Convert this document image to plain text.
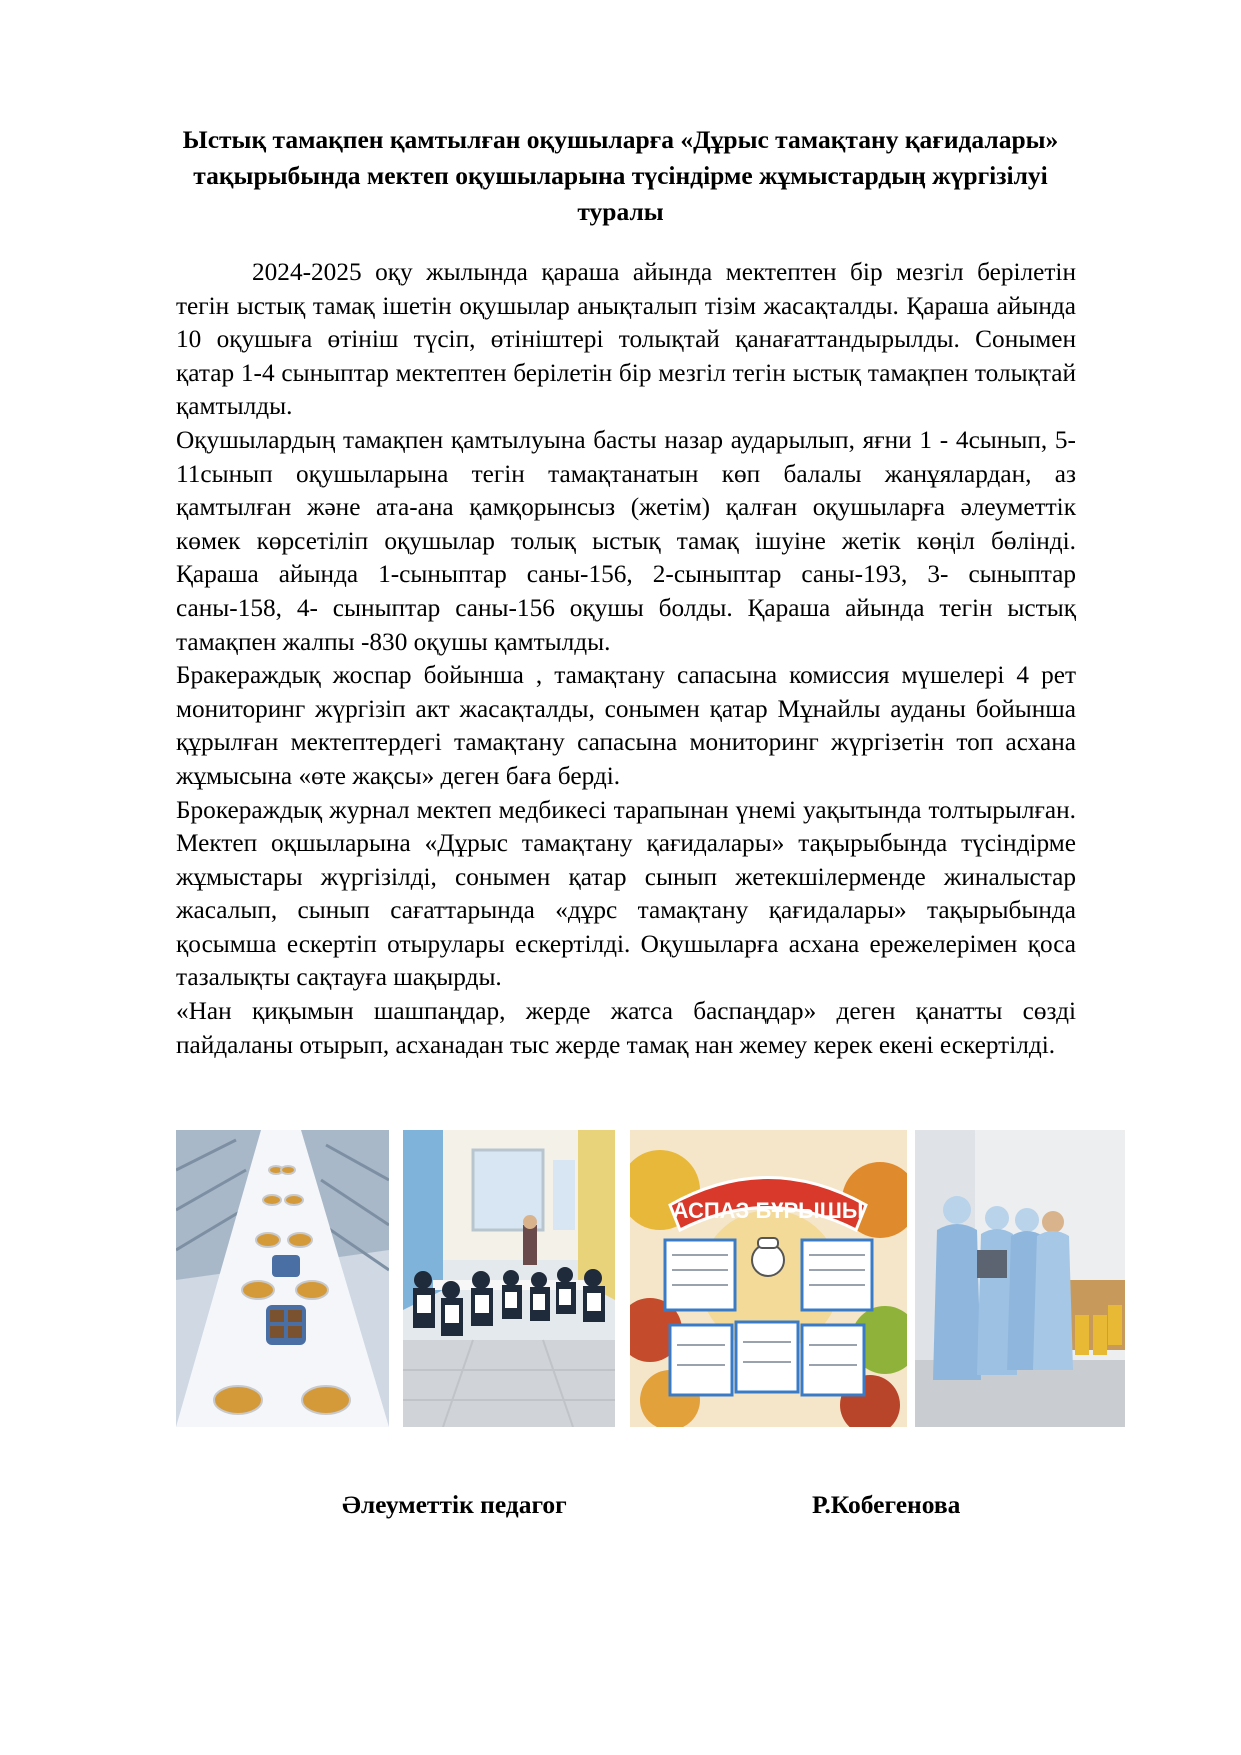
Ыстық тамақпен қамтылған оқушыларға «Дұрыс тамақтану қағидалары» тақырыбында мектеп оқушыларына түсіндірме жұмыстардың жүргізілуі туралы

2024-2025 оқу жылында қараша айында мектептен бір мезгіл берілетін тегін ыстық тамақ ішетін оқушылар анықталып тізім жасақталды. Қараша айында 10 оқушыға өтініш түсіп, өтініштері толықтай қанағаттандырылды. Сонымен қатар 1-4 сыныптар мектептен берілетін бір мезгіл тегін ыстық тамақпен толықтай қамтылды.

Оқушылардың тамақпен қамтылуына басты назар аударылып, яғни 1 - 4сынып, 5-11сынып оқушыларына тегін тамақтанатын көп балалы жанұялардан, аз қамтылған және ата-ана қамқорынсыз (жетім) қалған оқушыларға әлеуметтік көмек көрсетіліп оқушылар толық ыстық тамақ ішуіне жетік көңіл бөлінді. Қараша айында 1-сыныптар саны-156, 2-сыныптар саны-193, 3- сыныптар саны-158, 4- сыныптар саны-156 оқушы болды. Қараша айында тегін ыстық тамақпен жалпы -830 оқушы қамтылды.

Бракераждық жоспар бойынша , тамақтану сапасына комиссия мүшелері 4 рет мониторинг жүргізіп акт жасақталды, сонымен қатар Мұнайлы ауданы бойынша құрылған мектептердегі тамақтану сапасына мониторинг жүргізетін топ асхана жұмысына «өте жақсы» деген баға берді.

Брокераждық журнал мектеп медбикесі тарапынан үнемі уақытында толтырылған. Мектеп оқшыларына «Дұрыс тамақтану қағидалары» тақырыбында түсіндірме жұмыстары жүргізілді, сонымен қатар сынып жетекшілерменде жиналыстар жасалып, сынып сағаттарында «дұрс тамақтану қағидалары» тақырыбында қосымша ескертіп отырулары ескертілді. Оқушыларға асхана ережелерімен қоса тазалықты сақтауға шақырды.

«Нан қиқымын шашпаңдар, жерде жатса баспаңдар» деген қанатты сөзді пайдаланы отырып, асханадан тыс жерде тамақ нан жемеу керек екені ескертілді.

АСПАЗ БҰРЫШЫ
Әлеуметтік педагог	Р.Кобегенова
